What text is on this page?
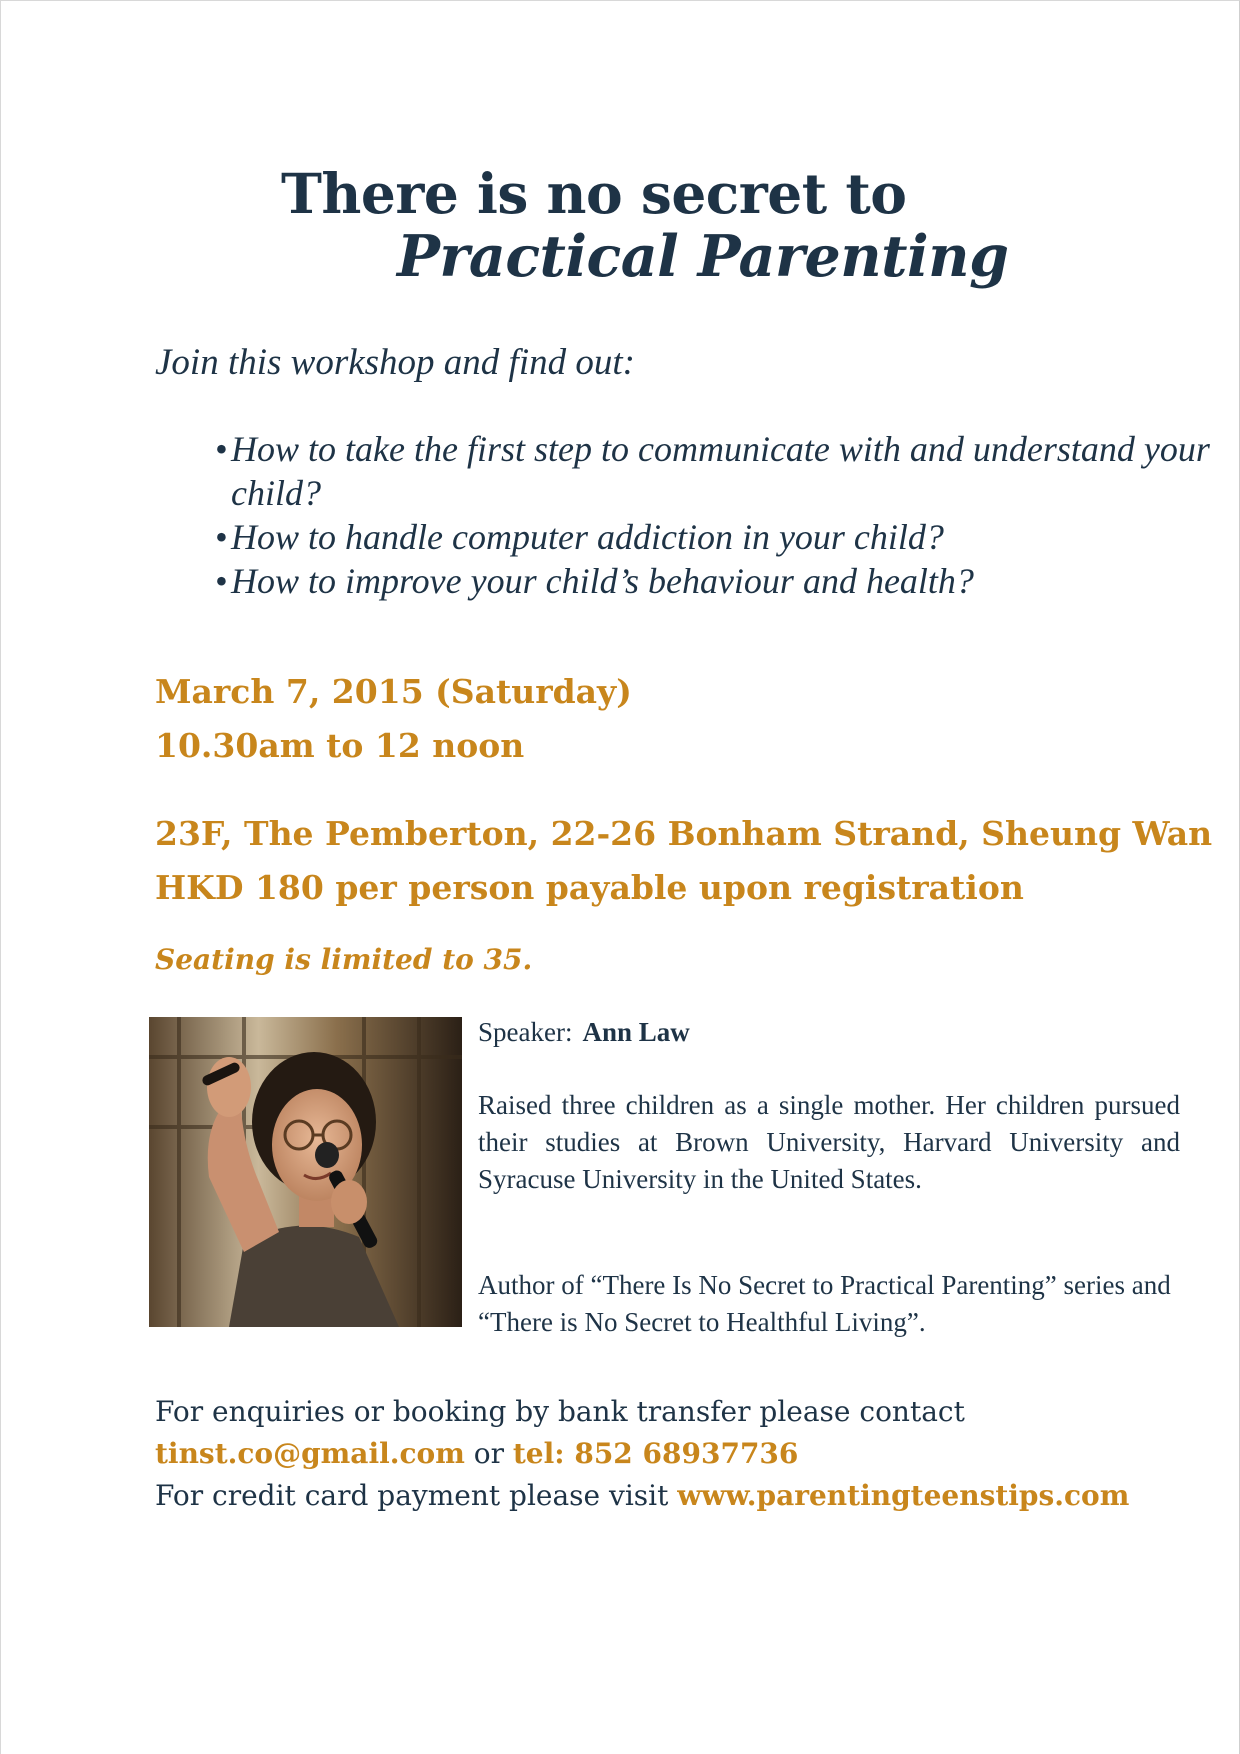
There is no secret to
Practical Parenting
Join this workshop and find out:
• How to take the first step to communicate with and understand your child?
• How to handle computer addiction in your child?
• How to improve your child’s behaviour and health?
March 7, 2015 (Saturday)
10.30am to 12 noon
23F, The Pemberton, 22-26 Bonham Strand, Sheung Wan
HKD 180 per person payable upon registration
Seating is limited to 35.
Speaker: Ann Law
Raised three children as a single mother. Her children pursued their studies at Brown University, Harvard University and Syracuse University in the United States.
Author of “There Is No Secret to Practical Parenting” series and “There is No Secret to Healthful Living”.
For enquiries or booking by bank transfer please contact
tinst.co@gmail.com or tel: 852 68937736
For credit card payment please visit www.parentingteenstips.com
